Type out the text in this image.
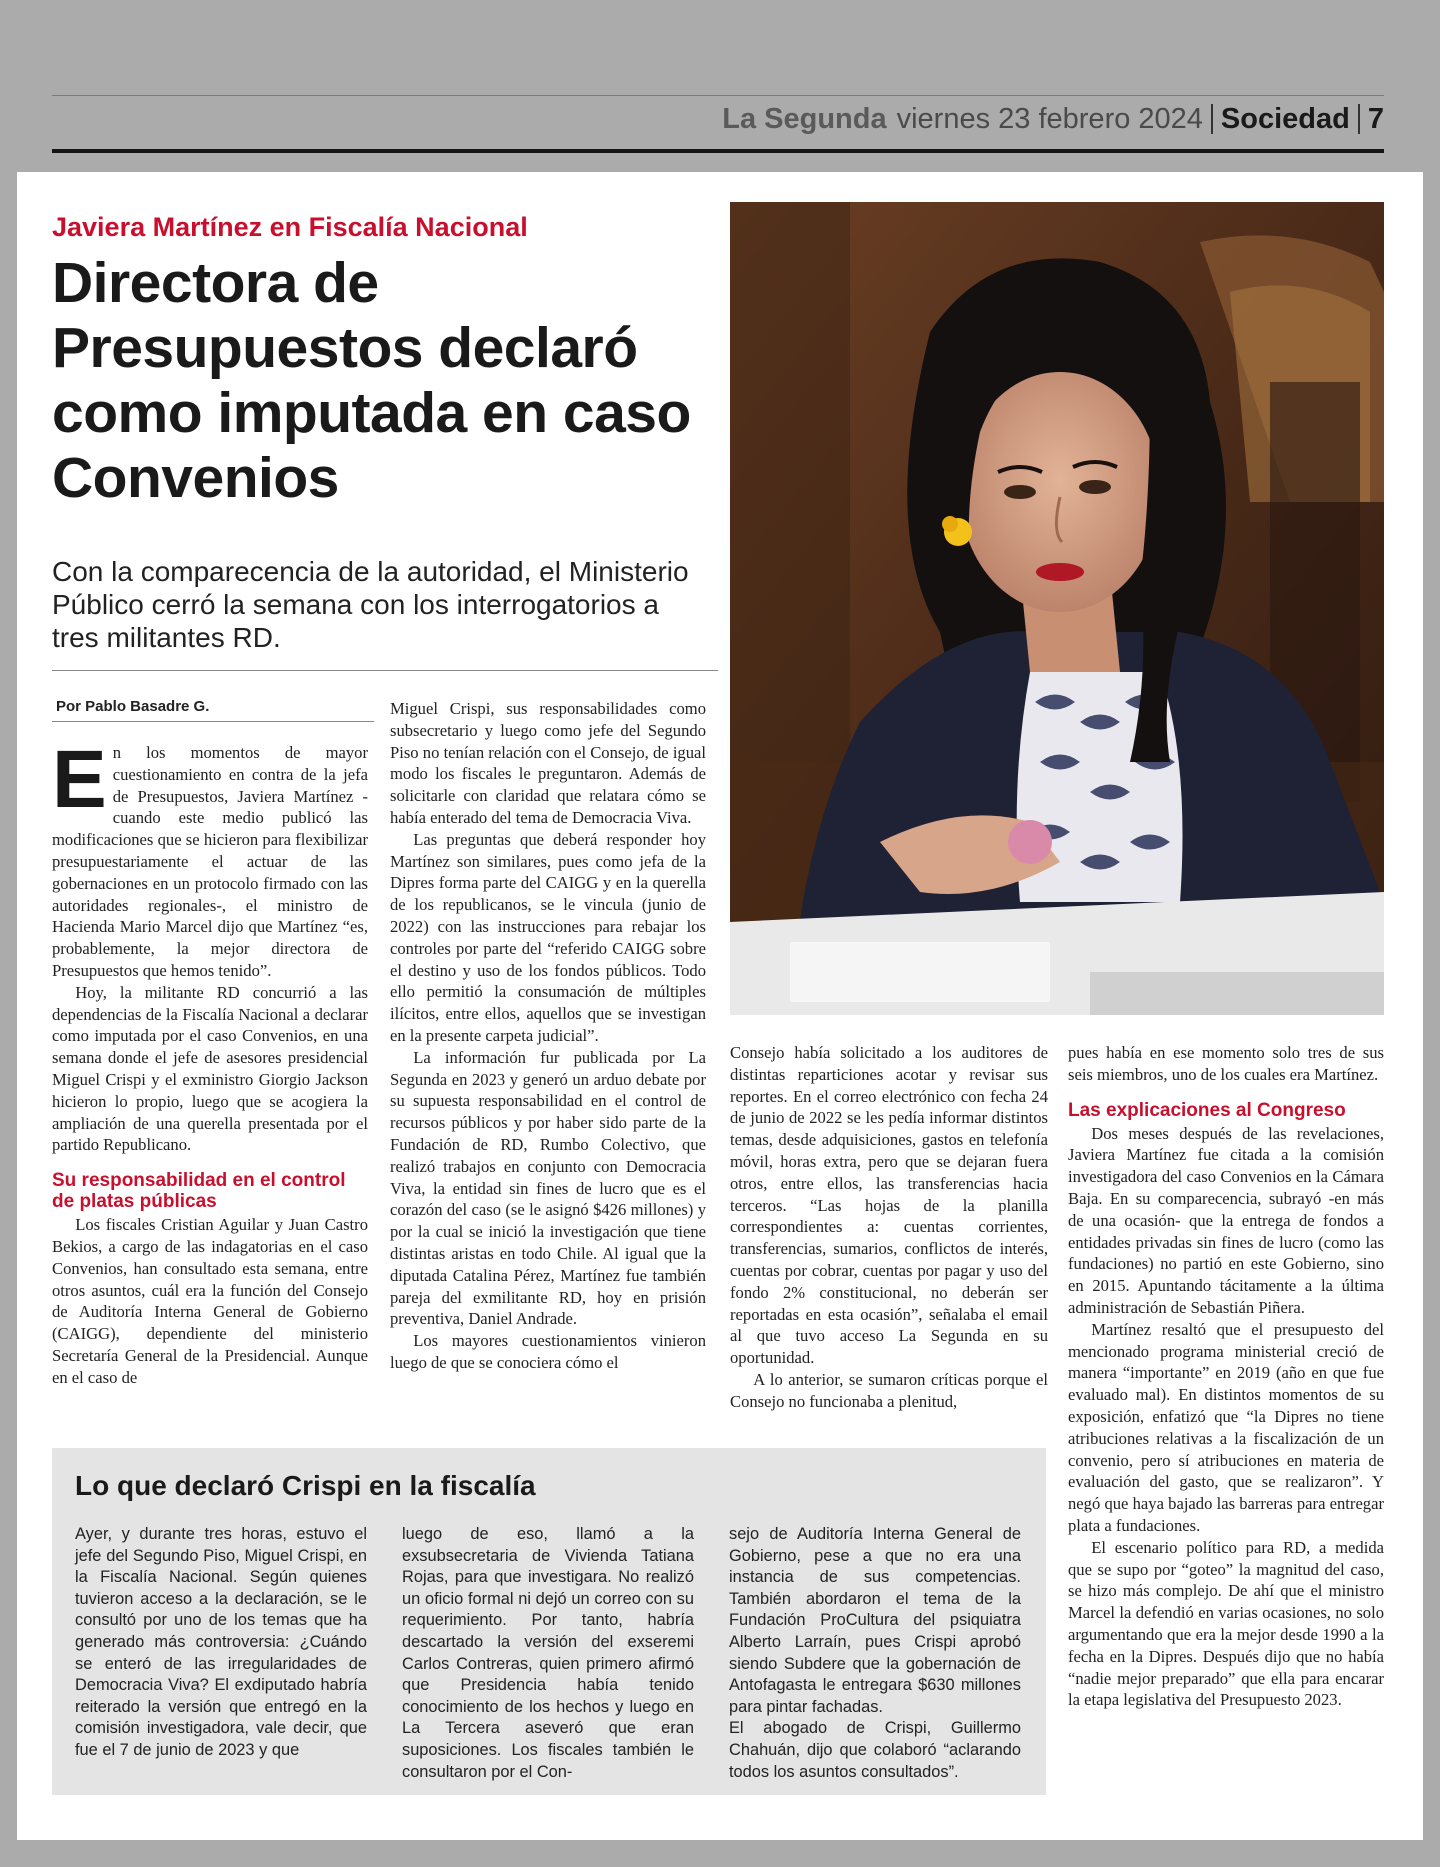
La Segunda viernes 23 febrero 2024 Sociedad 7
Javiera Martínez en Fiscalía Nacional
Directora de Presupuestos declaró como imputada en caso Convenios
Con la comparecencia de la autoridad, el Ministerio Público cerró la semana con los interrogatorios a tres militantes RD.
Por Pablo Basadre G.
E n los momentos de mayor cuestionamiento en contra de la jefa de Presupuestos, Javiera Martínez -cuando este medio publicó las modificaciones que se hicieron para flexibilizar presupuestariamente el actuar de las gobernaciones en un protocolo firmado con las autoridades regionales-, el ministro de Hacienda Mario Marcel dijo que Martínez “es, probablemente, la mejor directora de Presupuestos que hemos tenido”.

Hoy, la militante RD concurrió a las dependencias de la Fiscalía Nacional a declarar como imputada por el caso Convenios, en una semana donde el jefe de asesores presidencial Miguel Crispi y el exministro Giorgio Jackson hicieron lo propio, luego que se acogiera la ampliación de una querella presentada por el partido Republicano.

Su responsabilidad en el control de platas públicas

Los fiscales Cristian Aguilar y Juan Castro Bekios, a cargo de las indagatorias en el caso Convenios, han consultado esta semana, entre otros asuntos, cuál era la función del Consejo de Auditoría Interna General de Gobierno (CAIGG), dependiente del ministerio Secretaría General de la Presidencial. Aunque en el caso de

Miguel Crispi, sus responsabilidades como subsecretario y luego como jefe del Segundo Piso no tenían relación con el Consejo, de igual modo los fiscales le preguntaron. Además de solicitarle con claridad que relatara cómo se había enterado del tema de Democracia Viva.

Las preguntas que deberá responder hoy Martínez son similares, pues como jefa de la Dipres forma parte del CAIGG y en la querella de los republicanos, se le vincula (junio de 2022) con las instrucciones para rebajar los controles por parte del “referido CAIGG sobre el destino y uso de los fondos públicos. Todo ello permitió la consumación de múltiples ilícitos, entre ellos, aquellos que se investigan en la presente carpeta judicial”.

La información fur publicada por La Segunda en 2023 y generó un arduo debate por su supuesta responsabilidad en el control de recursos públicos y por haber sido parte de la Fundación de RD, Rumbo Colectivo, que realizó trabajos en conjunto con Democracia Viva, la entidad sin fines de lucro que es el corazón del caso (se le asignó $426 millones) y por la cual se inició la investigación que tiene distintas aristas en todo Chile. Al igual que la diputada Catalina Pérez, Martínez fue también pareja del exmilitante RD, hoy en prisión preventiva, Daniel Andrade.

Los mayores cuestionamientos vinieron luego de que se conociera cómo el

Consejo había solicitado a los auditores de distintas reparticiones acotar y revisar sus reportes. En el correo electrónico con fecha 24 de junio de 2022 se les pedía informar distintos temas, desde adquisiciones, gastos en telefonía móvil, horas extra, pero que se dejaran fuera otros, entre ellos, las transferencias hacia terceros. “Las hojas de la planilla correspondientes a: cuentas corrientes, transferencias, sumarios, conflictos de interés, cuentas por cobrar, cuentas por pagar y uso del fondo 2% constitucional, no deberán ser reportadas en esta ocasión”, señalaba el email al que tuvo acceso La Segunda en su oportunidad.

A lo anterior, se sumaron críticas porque el Consejo no funcionaba a plenitud,

pues había en ese momento solo tres de sus seis miembros, uno de los cuales era Martínez.

Las explicaciones al Congreso

Dos meses después de las revelaciones, Javiera Martínez fue citada a la comisión investigadora del caso Convenios en la Cámara Baja. En su comparecencia, subrayó -en más de una ocasión- que la entrega de fondos a entidades privadas sin fines de lucro (como las fundaciones) no partió en este Gobierno, sino en 2015. Apuntando tácitamente a la última administración de Sebastián Piñera.

Martínez resaltó que el presupuesto del mencionado programa ministerial creció de manera “importante” en 2019 (año en que fue evaluado mal). En distintos momentos de su exposición, enfatizó que “la Dipres no tiene atribuciones relativas a la fiscalización de un convenio, pero sí atribuciones en materia de evaluación del gasto, que se realizaron”. Y negó que haya bajado las barreras para entregar plata a fundaciones.

El escenario político para RD, a medida que se supo por “goteo” la magnitud del caso, se hizo más complejo. De ahí que el ministro Marcel la defendió en varias ocasiones, no solo argumentando que era la mejor desde 1990 a la fecha en la Dipres. Después dijo que no había “nadie mejor preparado” que ella para encarar la etapa legislativa del Presupuesto 2023.

Lo que declaró Crispi en la fiscalía
Ayer, y durante tres horas, estuvo el jefe del Segundo Piso, Miguel Crispi, en la Fiscalía Nacional. Según quienes tuvieron acceso a la declaración, se le consultó por uno de los temas que ha generado más controversia: ¿Cuándo se enteró de las irregularidades de Democracia Viva? El exdiputado habría reiterado la versión que entregó en la comisión investigadora, vale decir, que fue el 7 de junio de 2023 y que
luego de eso, llamó a la exsubsecretaria de Vivienda Tatiana Rojas, para que investigara. No realizó un oficio formal ni dejó un correo con su requerimiento. Por tanto, habría descartado la versión del exseremi Carlos Contreras, quien primero afirmó que Presidencia había tenido conocimiento de los hechos y luego en La Tercera aseveró que eran suposiciones. Los fiscales también le consultaron por el Con-
sejo de Auditoría Interna General de Gobierno, pese a que no era una instancia de sus competencias. También abordaron el tema de la Fundación ProCultura del psiquiatra Alberto Larraín, pues Crispi aprobó siendo Subdere que la gobernación de Antofagasta le entregara $630 millones para pintar fachadas.
El abogado de Crispi, Guillermo Chahuán, dijo que colaboró “aclarando todos los asuntos consultados”.
